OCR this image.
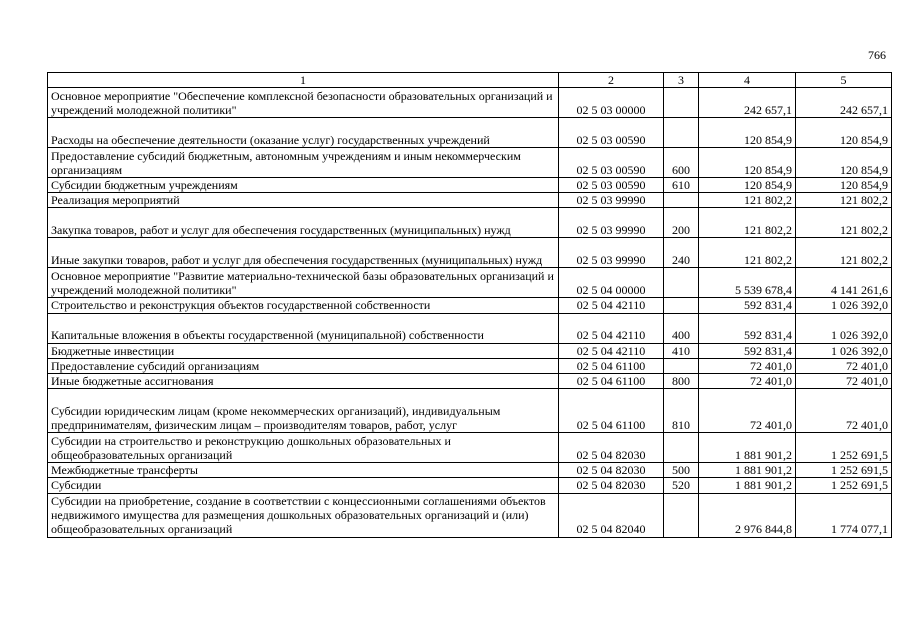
766
1	2	3	4	5
Основное мероприятие "Обеспечение комплексной безопасности образовательных организаций и учреждений молодежной политики"	02 5 03 00000		242 657,1	242 657,1
Расходы на обеспечение деятельности (оказание услуг) государственных учреждений	02 5 03 00590		120 854,9	120 854,9
Предоставление субсидий бюджетным, автономным учреждениям и иным некоммерческим организациям	02 5 03 00590	600	120 854,9	120 854,9
Субсидии бюджетным учреждениям	02 5 03 00590	610	120 854,9	120 854,9
Реализация мероприятий	02 5 03 99990		121 802,2	121 802,2
Закупка товаров, работ и услуг для обеспечения государственных (муниципальных) нужд	02 5 03 99990	200	121 802,2	121 802,2
Иные закупки товаров, работ и услуг для обеспечения государственных (муниципальных) нужд	02 5 03 99990	240	121 802,2	121 802,2
Основное мероприятие "Развитие материально-технической базы образовательных организаций и учреждений молодежной политики"	02 5 04 00000		5 539 678,4	4 141 261,6
Строительство и реконструкция объектов государственной собственности	02 5 04 42110		592 831,4	1 026 392,0
Капитальные вложения в объекты государственной (муниципальной) собственности	02 5 04 42110	400	592 831,4	1 026 392,0
Бюджетные инвестиции	02 5 04 42110	410	592 831,4	1 026 392,0
Предоставление субсидий организациям	02 5 04 61100		72 401,0	72 401,0
Иные бюджетные ассигнования	02 5 04 61100	800	72 401,0	72 401,0
Субсидии юридическим лицам (кроме некоммерческих организаций), индивидуальным предпринимателям, физическим лицам – производителям товаров, работ, услуг	02 5 04 61100	810	72 401,0	72 401,0
Субсидии на строительство и реконструкцию дошкольных образовательных и общеобразовательных организаций	02 5 04 82030		1 881 901,2	1 252 691,5
Межбюджетные трансферты	02 5 04 82030	500	1 881 901,2	1 252 691,5
Субсидии	02 5 04 82030	520	1 881 901,2	1 252 691,5
Субсидии на приобретение, создание в соответствии с концессионными соглашениями объектов недвижимого имущества для размещения дошкольных образовательных организаций и (или) общеобразовательных организаций	02 5 04 82040		2 976 844,8	1 774 077,1
